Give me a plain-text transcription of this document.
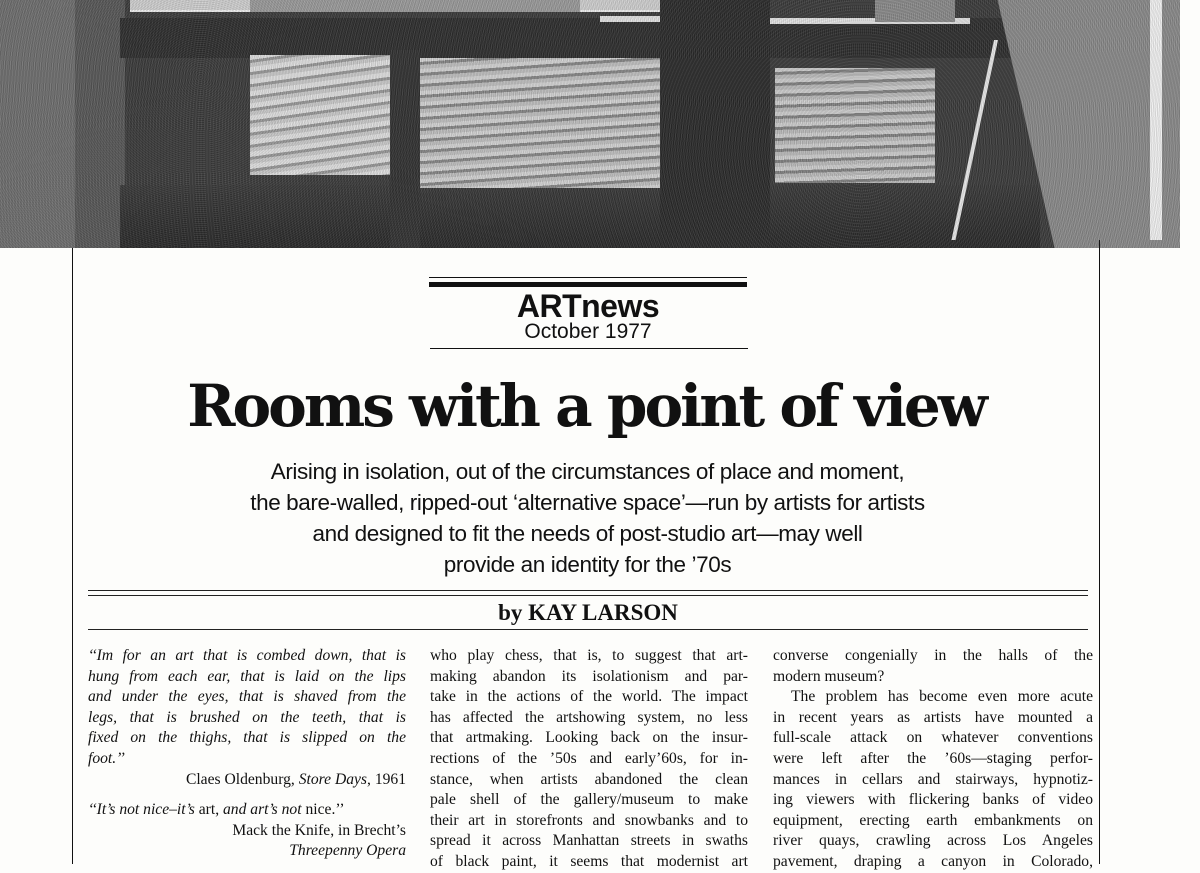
ARTnews
October 1977
Rooms with a point of view
Arising in isolation, out of the circumstances of place and moment,
the bare-walled, ripped-out ‘alternative space’—run by artists for artists
and designed to fit the needs of post-studio art—may well
provide an identity for the ’70s
by KAY LARSON
‘‘Im for an art that is combed down, that is
hung from each ear, that is laid on the lips
and under the eyes, that is shaved from the
legs, that is brushed on the teeth, that is
fixed on the thighs, that is slipped on the
foot.’’
Claes Oldenburg, Store Days, 1961
‘‘It’s not nice–it’s art, and art’s not nice.’’
Mack the Knife, in Brecht’s
Threepenny Opera
who play chess, that is, to suggest that art-
making abandon its isolationism and par-
take in the actions of the world. The impact
has affected the artshowing system, no less
that artmaking. Looking back on the insur-
rections of the ’50s and early’60s, for in-
stance, when artists abandoned the clean
pale shell of the gallery/museum to make
their art in storefronts and snowbanks and to
spread it across Manhattan streets in swaths
of black paint, it seems that modernist art
converse congenially in the halls of the
modern museum?
The problem has become even more acute
in recent years as artists have mounted a
full-scale attack on whatever conventions
were left after the ’60s—staging perfor-
mances in cellars and stairways, hypnotiz-
ing viewers with flickering banks of video
equipment, erecting earth embankments on
river quays, crawling across Los Angeles
pavement, draping a canyon in Colorado,
